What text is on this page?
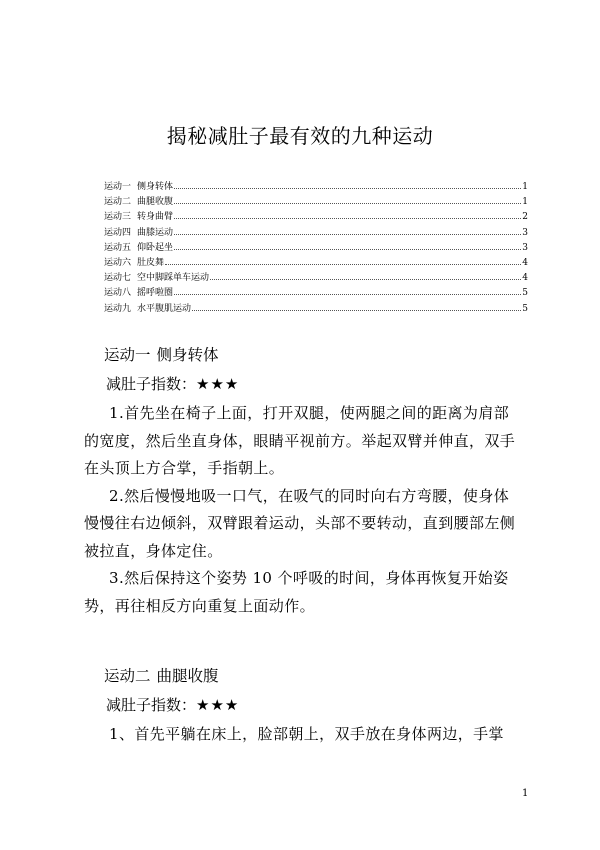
揭秘减肚子最有效的九种运动
运动一 侧身转体	1
运动二 曲腿收腹	1
运动三 转身曲臂	2
运动四 曲膝运动	3
运动五 仰卧起坐	3
运动六 肚皮舞	4
运动七 空中脚踩单车运动	4
运动八 摇呼啦圈	5
运动九 水平腹肌运动	5
运动一 侧身转体
减肚子指数：★★★

1.首先坐在椅子上面，打开双腿，使两腿之间的距离为肩部的宽度，然后坐直身体，眼睛平视前方。举起双臂并伸直，双手在头顶上方合掌，手指朝上。

2.然后慢慢地吸一口气，在吸气的同时向右方弯腰，使身体慢慢往右边倾斜，双臂跟着运动，头部不要转动，直到腰部左侧被拉直，身体定住。

3.然后保持这个姿势 10 个呼吸的时间，身体再恢复开始姿势，再往相反方向重复上面动作。

运动二 曲腿收腹
减肚子指数：★★★

1、首先平躺在床上，脸部朝上，双手放在身体两边，手掌

1
